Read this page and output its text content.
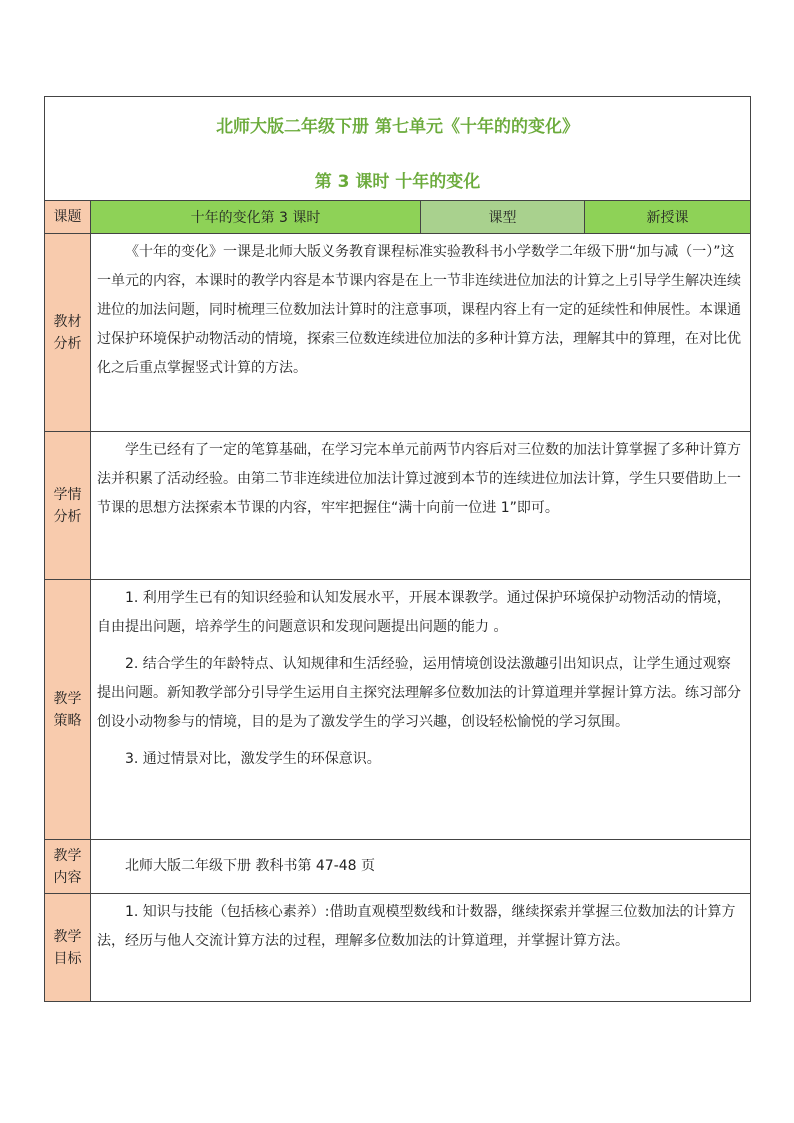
北师大版二年级下册 第七单元《十年的的变化》
第 3 课时 十年的变化			

课题	十年的变化第 3 课时	课型	新授课
教材分析	《十年的变化》一课是北师大版义务教育课程标准实验教科书小学数学二年级下册“加与减（一）”这一单元的内容，本课时的教学内容是本节课内容是在上一节非连续进位加法的计算之上引导学生解决连续进位的加法问题，同时梳理三位数加法计算时的注意事项，课程内容上有一定的延续性和伸展性。本课通过保护环境保护动物活动的情境，探索三位数连续进位加法的多种计算方法，理解其中的算理，在对比优化之后重点掌握竖式计算的方法。		

学情分析	学生已经有了一定的笔算基础，在学习完本单元前两节内容后对三位数的加法计算掌握了多种计算方法并积累了活动经验。由第二节非连续进位加法计算过渡到本节的连续进位加法计算，学生只要借助上一节课的思想方法探索本节课的内容，牢牢把握住“满十向前一位进 1”即可。		

教学策略	1. 利用学生已有的知识经验和认知发展水平，开展本课教学。通过保护环境保护动物活动的情境，自由提出问题，培养学生的问题意识和发现问题提出问题的能力 。

2. 结合学生的年龄特点、认知规律和生活经验，运用情境创设法激趣引出知识点，让学生通过观察提出问题。新知教学部分引导学生运用自主探究法理解多位数加法的计算道理并掌握计算方法。练习部分创设小动物参与的情境，目的是为了激发学生的学习兴趣，创设轻松愉悦的学习氛围。

3. 通过情景对比，激发学生的环保意识。		

教学内容	北师大版二年级下册 教科书第 47-48 页		

教学目标	1. 知识与技能（包括核心素养）:借助直观模型数线和计数器，继续探索并掌握三位数加法的计算方法，经历与他人交流计算方法的过程，理解多位数加法的计算道理，并掌握计算方法。		
